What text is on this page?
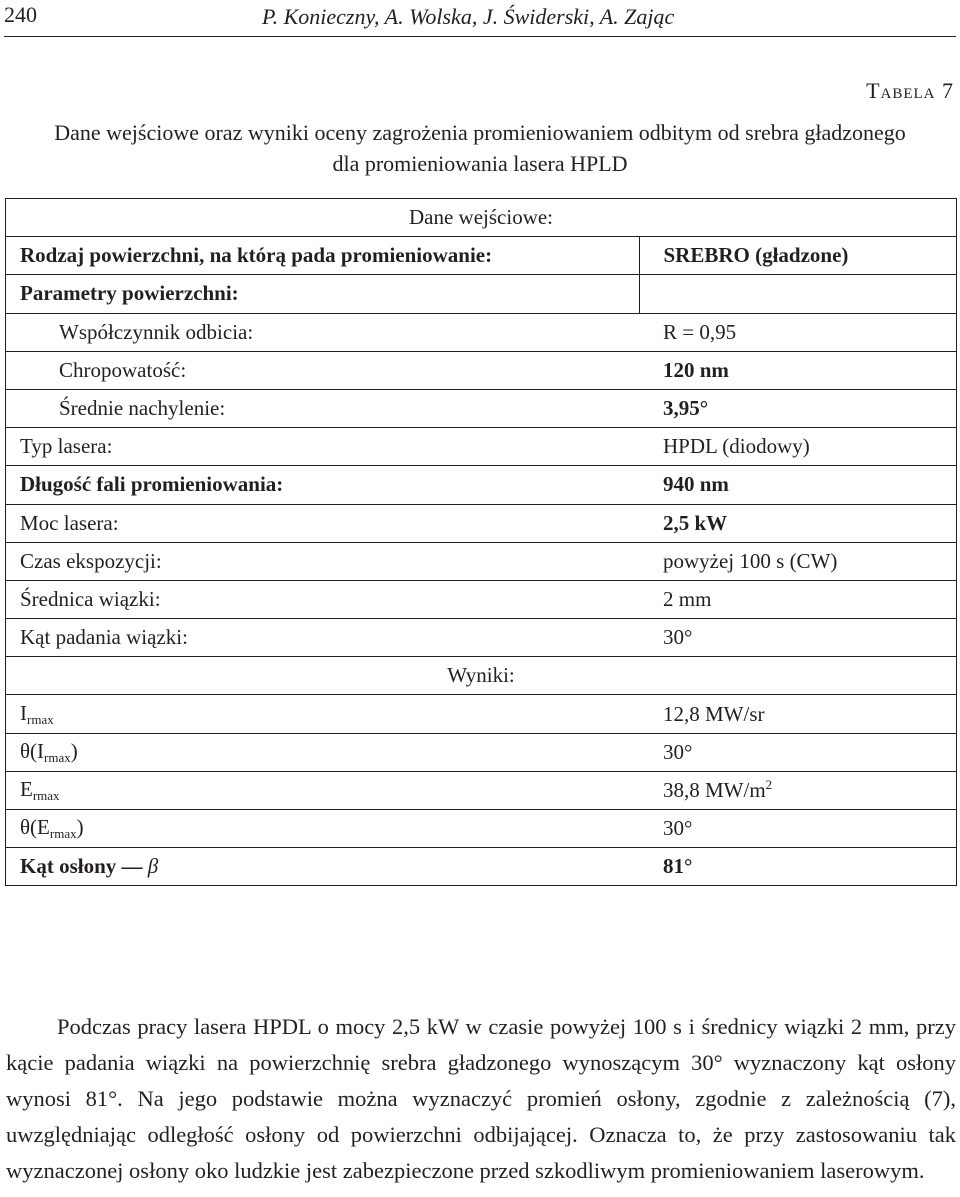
240	P. Konieczny, A. Wolska, J. Świderski, A. Zając
Tabela 7
Dane wejściowe oraz wyniki oceny zagrożenia promieniowaniem odbitym od srebra gładzonego
dla promieniowania lasera HPLD
Dane wejściowe:	
Rodzaj powierzchni, na którą pada promieniowanie:	SREBRO (gładzone)
Parametry powierzchni:	
Współczynnik odbicia:	R = 0,95
Chropowatość:	120 nm
Średnie nachylenie:	3,95°
Typ lasera:	HPDL (diodowy)
Długość fali promieniowania:	940 nm
Moc lasera:	2,5 kW
Czas ekspozycji:	powyżej 100 s (CW)
Średnica wiązki:	2 mm
Kąt padania wiązki:	30°
Wyniki:	
$I_{rmax}$	12,8 MW/sr
$\theta(I_{rmax})$	30°
$E_{rmax}$	38,8 $MW/m^2$
$\theta(E_{rmax})$	30°
Kąt osłony — β	81°

Podczas pracy lasera HPDL o mocy 2,5 kW w czasie powyżej 100 s i średnicy wiązki 2 mm, przy kącie padania wiązki na powierzchnię srebra gładzonego wynoszącym 30° wyznaczony kąt osłony wynosi 81°. Na jego podstawie można wyznaczyć promień osłony, zgodnie z zależnością (7), uwzględniając odległość osłony od powierzchni odbijającej. Oznacza to, że przy zastosowaniu tak wyznaczonej osłony oko ludzkie jest zabezpieczone przed szkodliwym promieniowaniem laserowym.
